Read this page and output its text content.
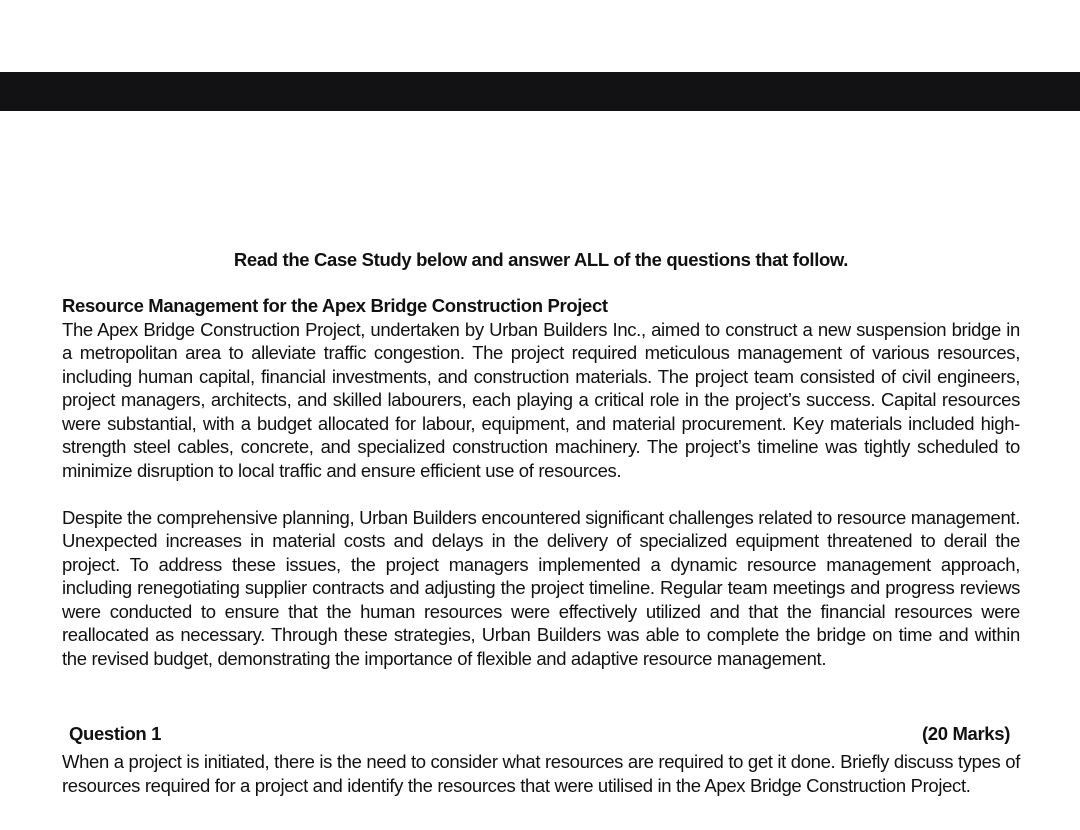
Read the Case Study below and answer ALL of the questions that follow.

Resource Management for the Apex Bridge Construction Project

The Apex Bridge Construction Project, undertaken by Urban Builders Inc., aimed to construct a new suspension bridge in a metropolitan area to alleviate traffic congestion. The project required meticulous management of various resources, including human capital, financial investments, and construction materials. The project team consisted of civil engineers, project managers, architects, and skilled labourers, each playing a critical role in the project’s success. Capital resources were substantial, with a budget allocated for labour, equipment, and material procurement. Key materials included high-strength steel cables, concrete, and specialized construction machinery. The project’s timeline was tightly scheduled to minimize disruption to local traffic and ensure efficient use of resources.

Despite the comprehensive planning, Urban Builders encountered significant challenges related to resource management. Unexpected increases in material costs and delays in the delivery of specialized equipment threatened to derail the project. To address these issues, the project managers implemented a dynamic resource management approach, including renegotiating supplier contracts and adjusting the project timeline. Regular team meetings and progress reviews were conducted to ensure that the human resources were effectively utilized and that the financial resources were reallocated as necessary. Through these strategies, Urban Builders was able to complete the bridge on time and within the revised budget, demonstrating the importance of flexible and adaptive resource management.

Question 1	(20 Marks)

When a project is initiated, there is the need to consider what resources are required to get it done. Briefly discuss types of resources required for a project and identify the resources that were utilised in the Apex Bridge Construction Project.
